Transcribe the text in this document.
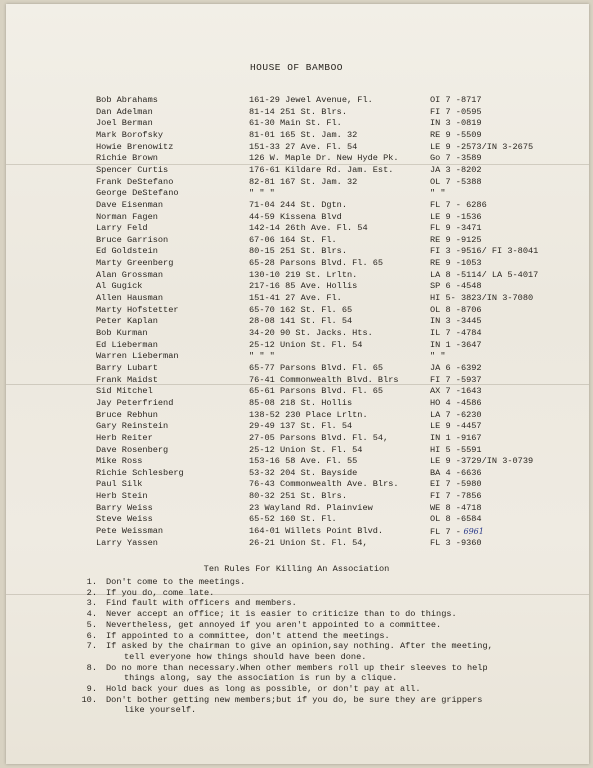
HOUSE OF BAMBOO
Bob Abrahams	161-29 Jewel Avenue, Fl.	OI 7 -8717
Dan Adelman	81-14 251 St. Blrs.	FI 7 -0595
Joel Berman	61-30 Main St. Fl.	IN 3 -0819
Mark Borofsky	81-01 165 St. Jam. 32	RE 9 -5509
Howie Brenowitz	151-33 27 Ave. Fl. 54	LE 9 -2573/IN 3-2675
Richie Brown	126 W. Maple Dr. New Hyde Pk.	Go 7 -3589
Spencer Curtis	176-61 Kildare Rd. Jam. Est.	JA 3 -8202
Frank DeStefano	82-81 167 St. Jam. 32	OL 7 -5388
George DeStefano	" " "	" "
Dave Eisenman	71-04 244 St. Dgtn.	FL 7 - 6286
Norman Fagen	44-59 Kissena Blvd	LE 9 -1536
Larry Feld	142-14 26th Ave. Fl. 54	FL 9 -3471
Bruce Garrison	67-06 164 St. Fl.	RE 9 -9125
Ed Goldstein	80-15 251 St. Blrs.	FI 3 -9516/ FI 3-8041
Marty Greenberg	65-28 Parsons Blvd. Fl. 65	RE 9 -1053
Alan Grossman	130-10 219 St. Lrltn.	LA 8 -5114/ LA 5-4017
Al Gugick	217-16 85 Ave. Hollis	SP 6 -4548
Allen Hausman	151-41 27 Ave. Fl.	HI 5- 3823/IN 3-7080
Marty Hofstetter	65-70 162 St. Fl. 65	OL 8 -8706
Peter Kaplan	28-08 141 St. Fl. 54	IN 3 -3445
Bob Kurman	34-20 90 St. Jacks. Hts.	IL 7 -4784
Ed Lieberman	25-12 Union St. Fl. 54	IN 1 -3647
Warren Lieberman	" " "	" "
Barry Lubart	65-77 Parsons Blvd. Fl. 65	JA 6 -6392
Frank Maidst	76-41 Commonwealth Blvd. Blrs	FI 7 -5937
Sid Mitchel	65-61 Parsons Blvd. Fl. 65	AX 7 -1643
Jay Peterfriend	85-08 218 St. Hollis	HO 4 -4586
Bruce Rebhun	138-52 230 Place Lrltn.	LA 7 -6230
Gary Reinstein	29-49 137 St. Fl. 54	LE 9 -4457
Herb Reiter	27-05 Parsons Blvd. Fl. 54,	IN 1 -9167
Dave Rosenberg	25-12 Union St. Fl. 54	HI 5 -5591
Mike Ross	153-16 58 Ave. Fl. 55	LE 9 -3729/IN 3-0739
Richie Schlesberg	53-32 204 St. Bayside	BA 4 -6636
Paul Silk	76-43 Commonwealth Ave. Blrs.	EI 7 -5980
Herb Stein	80-32 251 St. Blrs.	FI 7 -7856
Barry Weiss	23 Wayland Rd. Plainview	WE 8 -4718
Steve Weiss	65-52 160 St. Fl.	OL 8 -6584
Pete Weissman	164-01 Willets Point Blvd.	FL 7 - 6961
Larry Yassen	26-21 Union St. Fl. 54,	FL 3 -9360
Ten Rules For Killing An Association
1. Don't come to the meetings.
2. If you do, come late.
3. Find fault with officers and members.
4. Never accept an office; it is easier to criticize than to do things.
5. Nevertheless, get annoyed if you aren't appointed to a committee.
6. If appointed to a committee, don't attend the meetings.
7. If asked by the chairman to give an opinion,say nothing. After the meeting,
tell everyone how things should have been done.
8. Do no more than necessary.When other members roll up their sleeves to help
things along, say the association is run by a clique.
9. Hold back your dues as long as possible, or don't pay at all.
10. Don't bother getting new members;but if you do, be sure they are grippers
like yourself.
